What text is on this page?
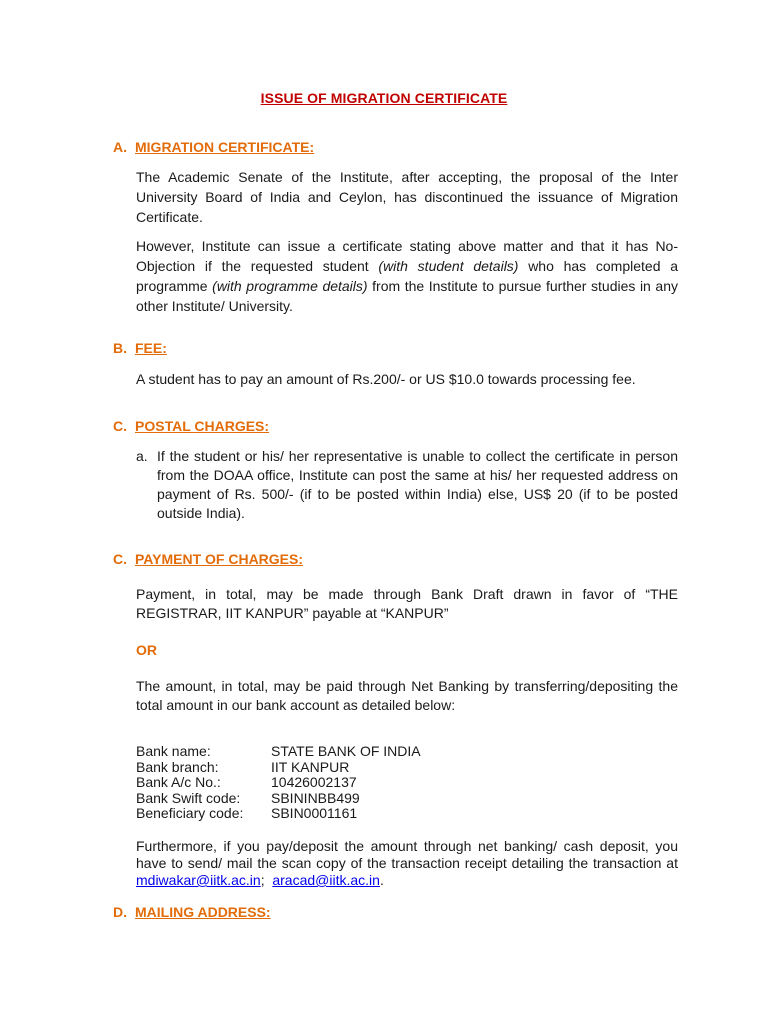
ISSUE OF MIGRATION CERTIFICATE
A. MIGRATION CERTIFICATE:
The Academic Senate of the Institute, after accepting, the proposal of the Inter University Board of India and Ceylon, has discontinued the issuance of Migration Certificate.
However, Institute can issue a certificate stating above matter and that it has No-Objection if the requested student (with student details) who has completed a programme (with programme details) from the Institute to pursue further studies in any other Institute/ University.
B. FEE:
A student has to pay an amount of Rs.200/- or US $10.0 towards processing fee.
C. POSTAL CHARGES:
a. If the student or his/ her representative is unable to collect the certificate in person from the DOAA office, Institute can post the same at his/ her requested address on payment of Rs. 500/- (if to be posted within India) else, US$ 20 (if to be posted outside India).
C. PAYMENT OF CHARGES:
Payment, in total, may be made through Bank Draft drawn in favor of “THE REGISTRAR, IIT KANPUR” payable at “KANPUR”
OR
The amount, in total, may be paid through Net Banking by transferring/depositing the total amount in our bank account as detailed below:
Bank name:	STATE BANK OF INDIA
Bank branch:	IIT KANPUR
Bank A/c No.:	10426002137
Bank Swift code:	SBININBB499
Beneficiary code:	SBIN0001161
Furthermore, if you pay/deposit the amount through net banking/ cash deposit, you have to send/ mail the scan copy of the transaction receipt detailing the transaction at mdiwakar@iitk.ac.in;  aracad@iitk.ac.in.
D. MAILING ADDRESS:
